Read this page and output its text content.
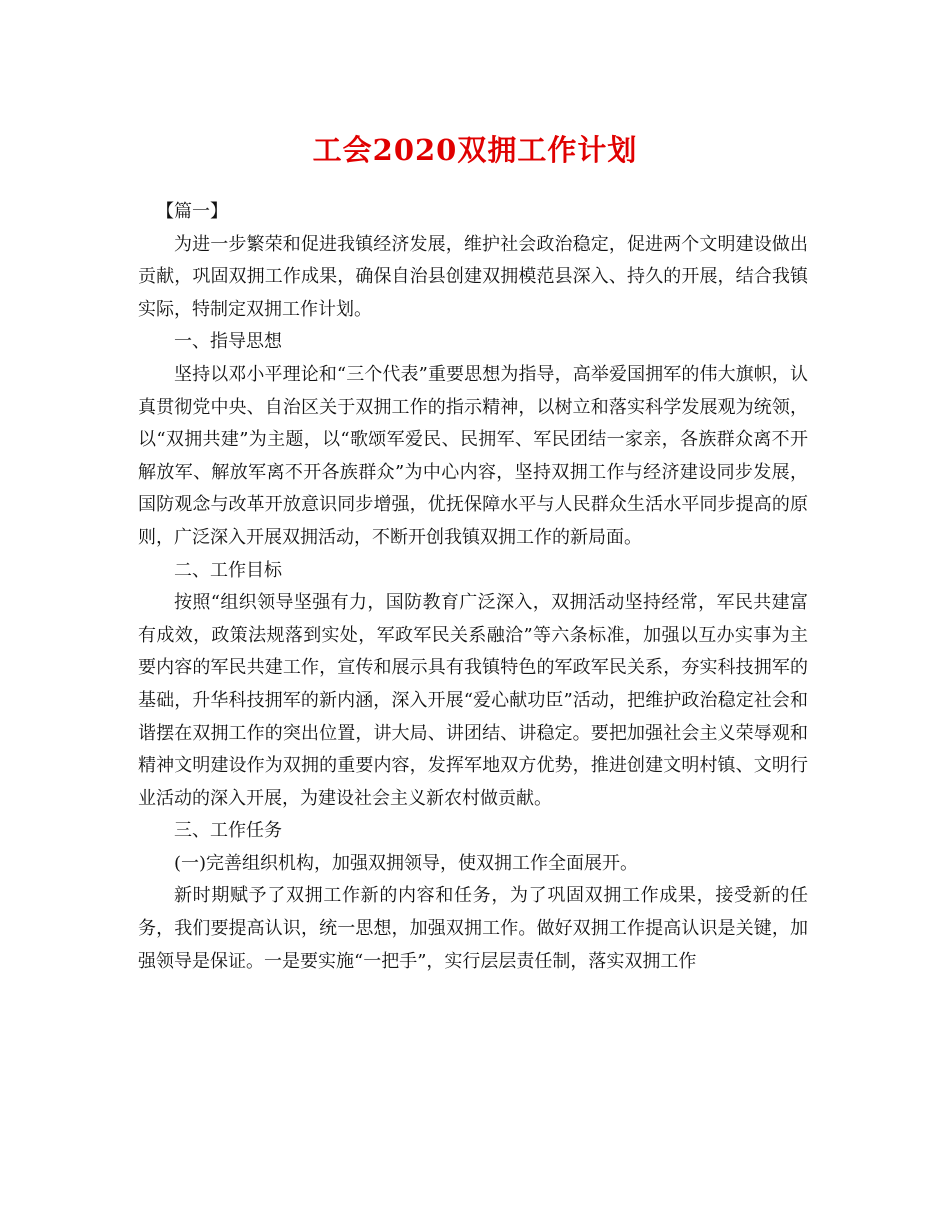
工会2020双拥工作计划

【篇一】

为进一步繁荣和促进我镇经济发展，维护社会政治稳定，促进两个文明建设做出贡献，巩固双拥工作成果，确保自治县创建双拥模范县深入、持久的开展，结合我镇实际，特制定双拥工作计划。

一、指导思想

坚持以邓小平理论和“三个代表”重要思想为指导，高举爱国拥军的伟大旗帜，认真贯彻党中央、自治区关于双拥工作的指示精神，以树立和落实科学发展观为统领，以“双拥共建”为主题，以“歌颂军爱民、民拥军、军民团结一家亲，各族群众离不开解放军、解放军离不开各族群众”为中心内容，坚持双拥工作与经济建设同步发展，国防观念与改革开放意识同步增强，优抚保障水平与人民群众生活水平同步提高的原则，广泛深入开展双拥活动，不断开创我镇双拥工作的新局面。

二、工作目标

按照“组织领导坚强有力，国防教育广泛深入，双拥活动坚持经常，军民共建富有成效，政策法规落到实处，军政军民关系融洽”等六条标准，加强以互办实事为主要内容的军民共建工作，宣传和展示具有我镇特色的军政军民关系，夯实科技拥军的基础，升华科技拥军的新内涵，深入开展“爱心献功臣”活动，把维护政治稳定社会和谐摆在双拥工作的突出位置，讲大局、讲团结、讲稳定。要把加强社会主义荣辱观和精神文明建设作为双拥的重要内容，发挥军地双方优势，推进创建文明村镇、文明行业活动的深入开展，为建设社会主义新农村做贡献。

三、工作任务

(一)完善组织机构，加强双拥领导，使双拥工作全面展开。

新时期赋予了双拥工作新的内容和任务，为了巩固双拥工作成果，接受新的任务，我们要提高认识，统一思想，加强双拥工作。做好双拥工作提高认识是关键，加强领导是保证。一是要实施“一把手”，实行层层责任制，落实双拥工作
